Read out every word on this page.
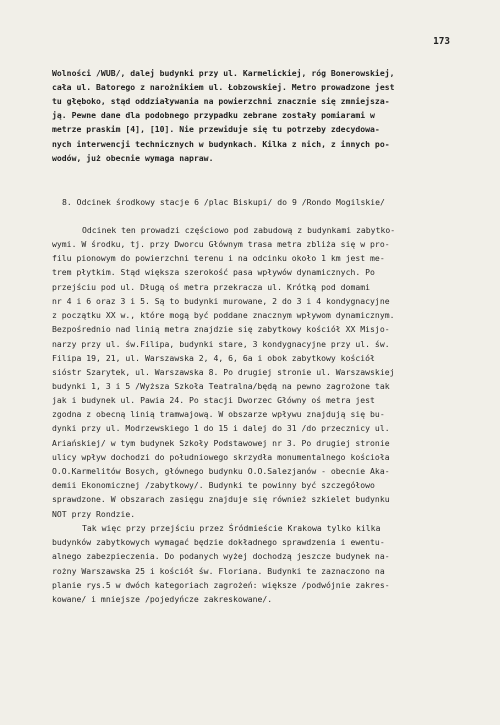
173
Wolności /WUB/, dalej budynki przy ul. Karmelickiej, róg Bonerowskiej,
cała ul. Batorego z narożnikiem ul. Łobzowskiej. Metro prowadzone jest
tu głęboko, stąd oddziaływania na powierzchni znacznie się zmniejsza-
ją. Pewne dane dla podobnego przypadku zebrane zostały pomiarami w
metrze praskim [4], [10]. Nie przewiduje się tu potrzeby zdecydowa-
nych interwencji technicznych w budynkach. Kilka z nich, z innych po-
wodów, już obecnie wymaga napraw.
8. Odcinek środkowy stacje 6 /plac Biskupi/ do 9 /Rondo Mogilskie/
Odcinek ten prowadzi częściowo pod zabudową z budynkami zabytko-
wymi. W środku, tj. przy Dworcu Głównym trasa metra zbliża się w pro-
filu pionowym do powierzchni terenu i na odcinku około 1 km jest me-
trem płytkim. Stąd większa szerokość pasa wpływów dynamicznych. Po
przejściu pod ul. Długą oś metra przekracza ul. Krótką pod domami
nr 4 i 6 oraz 3 i 5. Są to budynki murowane, 2 do 3 i 4 kondygnacyjne
z początku XX w., które mogą być poddane znacznym wpływom dynamicznym.
Bezpośrednio nad linią metra znajdzie się zabytkowy kościół XX Misjo-
narzy przy ul. św.Filipa, budynki stare, 3 kondygnacyjne przy ul. św.
Filipa 19, 21, ul. Warszawska 2, 4, 6, 6a i obok zabytkowy kościół
sióstr Szarytek, ul. Warszawska 8. Po drugiej stronie ul. Warszawskiej
budynki 1, 3 i 5 /Wyższa Szkoła Teatralna/będą na pewno zagrożone tak
jak i budynek ul. Pawia 24. Po stacji Dworzec Główny oś metra jest
zgodna z obecną linią tramwajową. W obszarze wpływu znajdują się bu-
dynki przy ul. Modrzewskiego 1 do 15 i dalej do 31 /do przecznicy ul.
Ariańskiej/ w tym budynek Szkoły Podstawowej nr 3. Po drugiej stronie
ulicy wpływ dochodzi do południowego skrzydła monumentalnego kościoła
O.O.Karmelitów Bosych, głównego budynku O.O.Salezjanów - obecnie Aka-
demii Ekonomicznej /zabytkowy/. Budynki te powinny być szczegółowo
sprawdzone. W obszarach zasięgu znajduje się również szkielet budynku
NOT przy Rondzie.
Tak więc przy przejściu przez Śródmieście Krakowa tylko kilka
budynków zabytkowych wymagać będzie dokładnego sprawdzenia i ewentu-
alnego zabezpieczenia. Do podanych wyżej dochodzą jeszcze budynek na-
rożny Warszawska 25 i kościół św. Floriana. Budynki te zaznaczono na
planie rys.5 w dwóch kategoriach zagrożeń: większe /podwójnie zakres-
kowane/ i mniejsze /pojedyńcze zakreskowane/.
